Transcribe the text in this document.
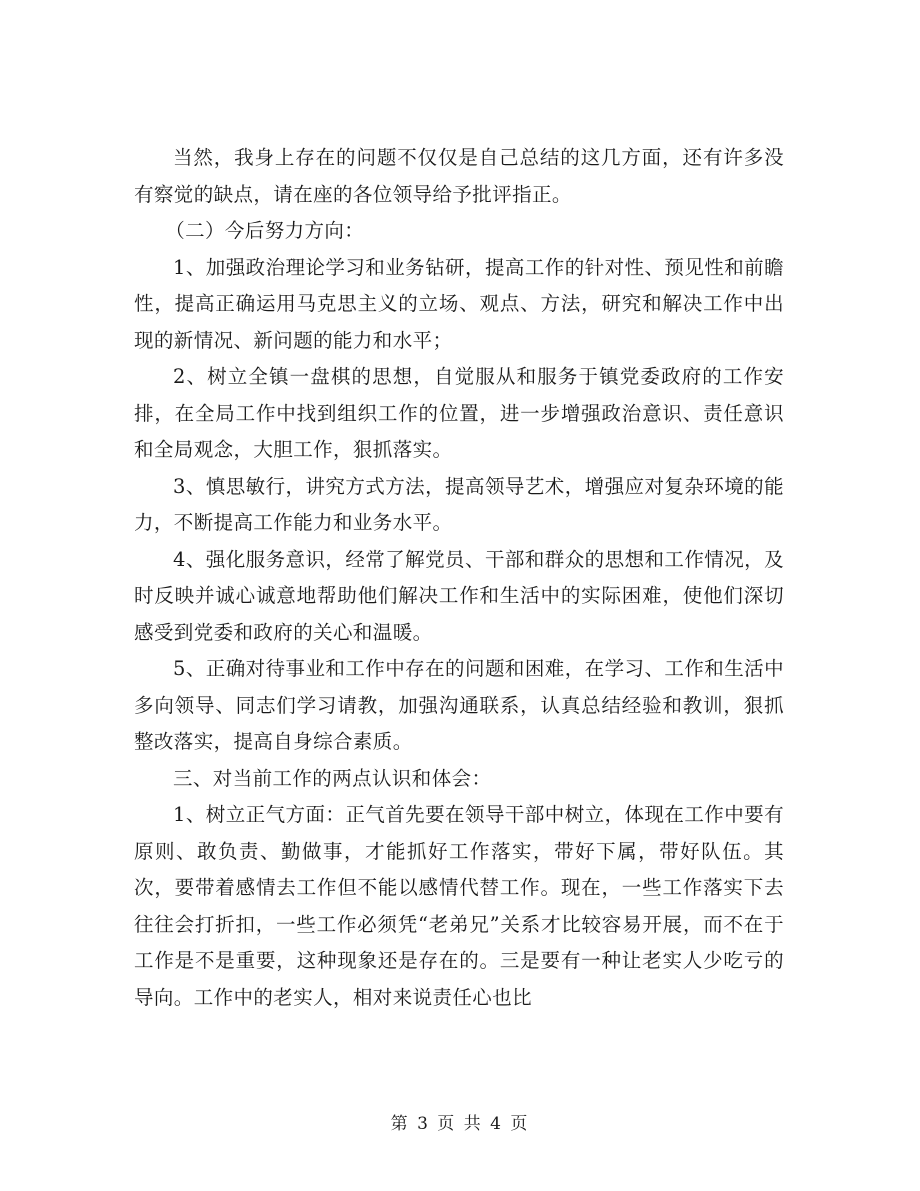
当然，我身上存在的问题不仅仅是自己总结的这几方面，还有许多没有察觉的缺点，请在座的各位领导给予批评指正。

（二）今后努力方向：

1、加强政治理论学习和业务钻研，提高工作的针对性、预见性和前瞻性，提高正确运用马克思主义的立场、观点、方法，研究和解决工作中出现的新情况、新问题的能力和水平；

2、树立全镇一盘棋的思想，自觉服从和服务于镇党委政府的工作安排，在全局工作中找到组织工作的位置，进一步增强政治意识、责任意识和全局观念，大胆工作，狠抓落实。

3、慎思敏行，讲究方式方法，提高领导艺术，增强应对复杂环境的能力，不断提高工作能力和业务水平。

4、强化服务意识，经常了解党员、干部和群众的思想和工作情况，及时反映并诚心诚意地帮助他们解决工作和生活中的实际困难，使他们深切感受到党委和政府的关心和温暖。

5、正确对待事业和工作中存在的问题和困难，在学习、工作和生活中多向领导、同志们学习请教，加强沟通联系，认真总结经验和教训，狠抓整改落实，提高自身综合素质。

三、对当前工作的两点认识和体会：

1、树立正气方面：正气首先要在领导干部中树立，体现在工作中要有原则、敢负责、勤做事，才能抓好工作落实，带好下属，带好队伍。其次，要带着感情去工作但不能以感情代替工作。现在，一些工作落实下去往往会打折扣，一些工作必须凭“老弟兄”关系才比较容易开展，而不在于工作是不是重要，这种现象还是存在的。三是要有一种让老实人少吃亏的导向。工作中的老实人，相对来说责任心也比

第 3 页 共 4 页
